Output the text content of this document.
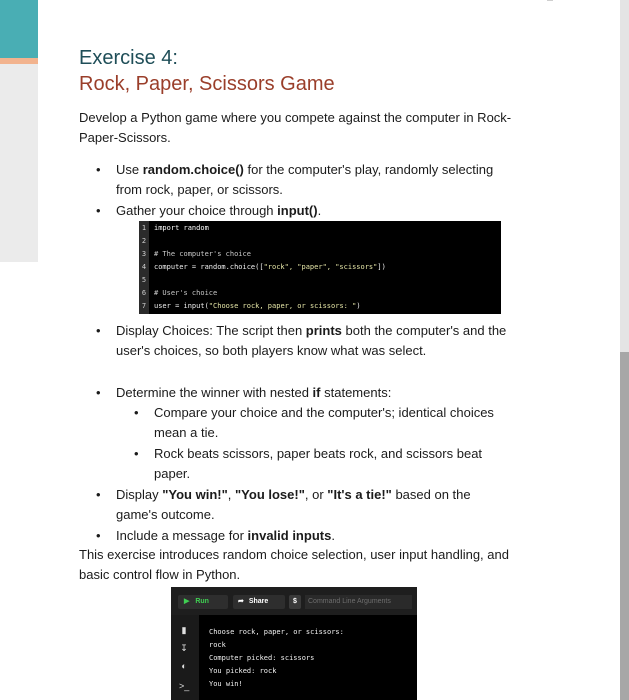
Exercise 4:
Rock, Paper, Scissors Game
Develop a Python game where you compete against the computer in Rock-Paper-Scissors.
• Use random.choice() for the computer's play, randomly selecting from rock, paper, or scissors.
• Gather your choice through input().
1 import random
2
3 # The computer's choice
4 computer = random.choice(["rock", "paper", "scissors"])
5
6 # User's choice
7 user = input("Choose rock, paper, or scissors: ")
• Display Choices: The script then prints both the computer's and the user's choices, so both players know what was select.
• Determine the winner with nested if statements:
• Compare your choice and the computer's; identical choices mean a tie.
• Rock beats scissors, paper beats rock, and scissors beat paper.
• Display "You win!", "You lose!", or "It's a tie!" based on the game's outcome.
• Include a message for invalid inputs.
This exercise introduces random choice selection, user input handling, and basic control flow in Python.
▶ Run	➦ Share	$	Command Line Arguments
▮
↧
◐
>_
Choose rock, paper, or scissors:
rock
Computer picked: scissors
You picked: rock
You win!
